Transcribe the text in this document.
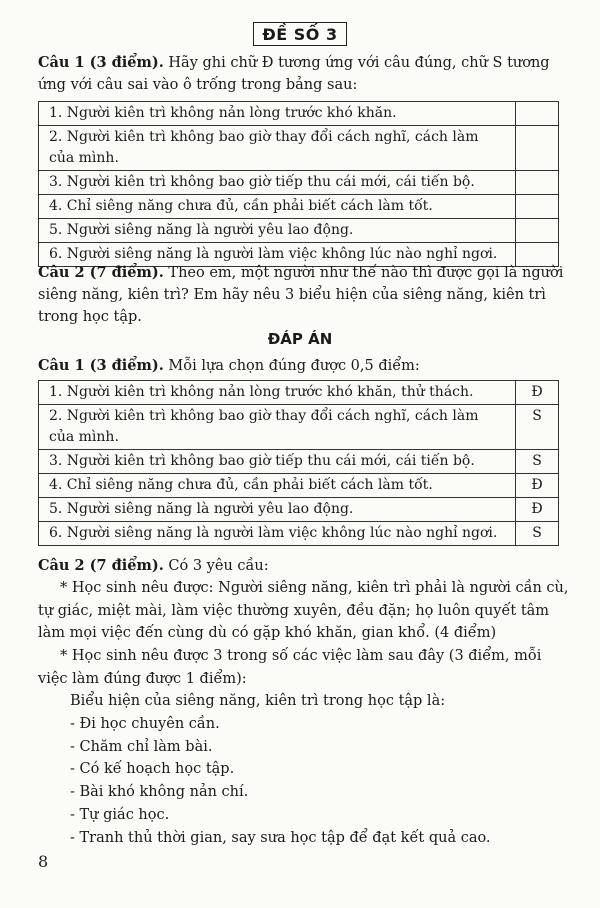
ĐỀ SỐ 3
Câu 1 (3 điểm). Hãy ghi chữ Đ tương ứng với câu đúng, chữ S tương ứng với câu sai vào ô trống trong bảng sau:
1. Người kiên trì không nản lòng trước khó khăn.	
2. Người kiên trì không bao giờ thay đổi cách nghĩ, cách làm của mình.	
3. Người kiên trì không bao giờ tiếp thu cái mới, cái tiến bộ.	
4. Chỉ siêng năng chưa đủ, cần phải biết cách làm tốt.	
5. Người siêng năng là người yêu lao động.	
6. Người siêng năng là người làm việc không lúc nào nghỉ ngơi.	
Câu 2 (7 điểm). Theo em, một người như thế nào thì được gọi là người siêng năng, kiên trì? Em hãy nêu 3 biểu hiện của siêng năng, kiên trì trong học tập.
ĐÁP ÁN
Câu 1 (3 điểm). Mỗi lựa chọn đúng được 0,5 điểm:
1. Người kiên trì không nản lòng trước khó khăn, thử thách.	Đ
2. Người kiên trì không bao giờ thay đổi cách nghĩ, cách làm của mình.	S
3. Người kiên trì không bao giờ tiếp thu cái mới, cái tiến bộ.	S
4. Chỉ siêng năng chưa đủ, cần phải biết cách làm tốt.	Đ
5. Người siêng năng là người yêu lao động.	Đ
6. Người siêng năng là người làm việc không lúc nào nghỉ ngơi.	S
Câu 2 (7 điểm). Có 3 yêu cầu:
* Học sinh nêu được: Người siêng năng, kiên trì phải là người cần cù, tự giác, miệt mài, làm việc thường xuyên, đều đặn; họ luôn quyết tâm làm mọi việc đến cùng dù có gặp khó khăn, gian khổ. (4 điểm)
* Học sinh nêu được 3 trong số các việc làm sau đây (3 điểm, mỗi việc làm đúng được 1 điểm):
Biểu hiện của siêng năng, kiên trì trong học tập là:
- Đi học chuyên cần.
- Chăm chỉ làm bài.
- Có kế hoạch học tập.
- Bài khó không nản chí.
- Tự giác học.
- Tranh thủ thời gian, say sưa học tập để đạt kết quả cao.
8
